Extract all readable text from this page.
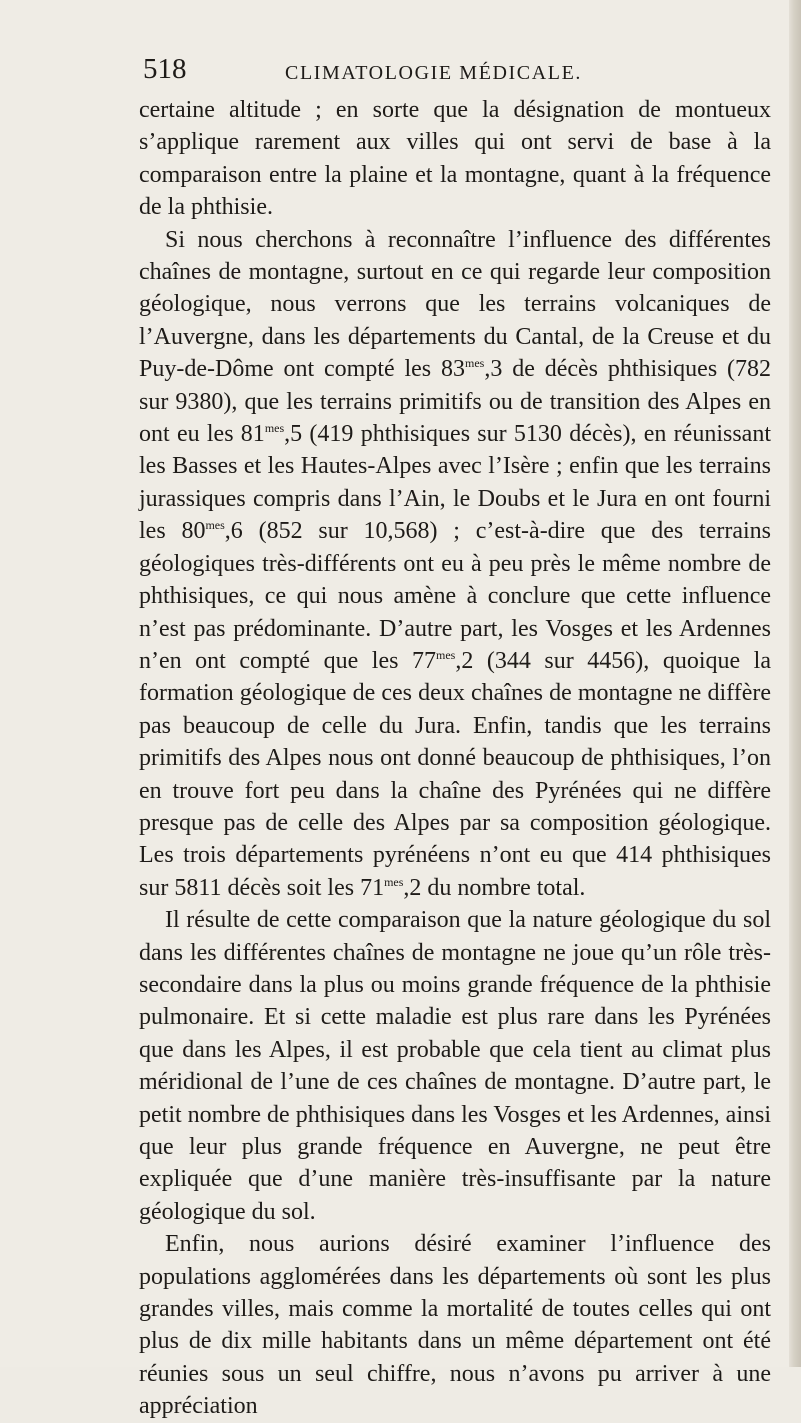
518	CLIMATOLOGIE MÉDICALE.

certaine altitude ; en sorte que la désignation de montueux s’applique rarement aux villes qui ont servi de base à la comparaison entre la plaine et la montagne, quant à la fréquence de la phthisie.

Si nous cherchons à reconnaître l’influence des différentes chaînes de montagne, surtout en ce qui regarde leur composition géologique, nous verrons que les terrains volcaniques de l’Auvergne, dans les départements du Cantal, de la Creuse et du Puy-de-Dôme ont compté les $83^{mes},3$ de décès phthisiques (782 sur 9380), que les terrains primitifs ou de transition des Alpes en ont eu les $81^{mes},5$ (419 phthisiques sur 5130 décès), en réunissant les Basses et les Hautes-Alpes avec l’Isère ; enfin que les terrains jurassiques compris dans l’Ain, le Doubs et le Jura en ont fourni les $80^{mes},6$ (852 sur 10,568) ; c’est-à-dire que des terrains géologiques très-différents ont eu à peu près le même nombre de phthisiques, ce qui nous amène à conclure que cette influence n’est pas prédominante. D’autre part, les Vosges et les Ardennes n’en ont compté que les $77^{mes},2$ (344 sur 4456), quoique la formation géologique de ces deux chaînes de montagne ne diffère pas beaucoup de celle du Jura. Enfin, tandis que les terrains primitifs des Alpes nous ont donné beaucoup de phthisiques, l’on en trouve fort peu dans la chaîne des Pyrénées qui ne diffère presque pas de celle des Alpes par sa composition géologique. Les trois départements pyrénéens n’ont eu que 414 phthisiques sur 5811 décès soit les $71^{mes},2$ du nombre total.

Il résulte de cette comparaison que la nature géologique du sol dans les différentes chaînes de montagne ne joue qu’un rôle très-secondaire dans la plus ou moins grande fréquence de la phthisie pulmonaire. Et si cette maladie est plus rare dans les Pyrénées que dans les Alpes, il est probable que cela tient au climat plus méridional de l’une de ces chaînes de montagne. D’autre part, le petit nombre de phthisiques dans les Vosges et les Ardennes, ainsi que leur plus grande fréquence en Auvergne, ne peut être expliquée que d’une manière très-insuffisante par la nature géologique du sol.

Enfin, nous aurions désiré examiner l’influence des populations agglomérées dans les départements où sont les plus grandes villes, mais comme la mortalité de toutes celles qui ont plus de dix mille habitants dans un même département ont été réunies sous un seul chiffre, nous n’avons pu arriver à une appréciation
